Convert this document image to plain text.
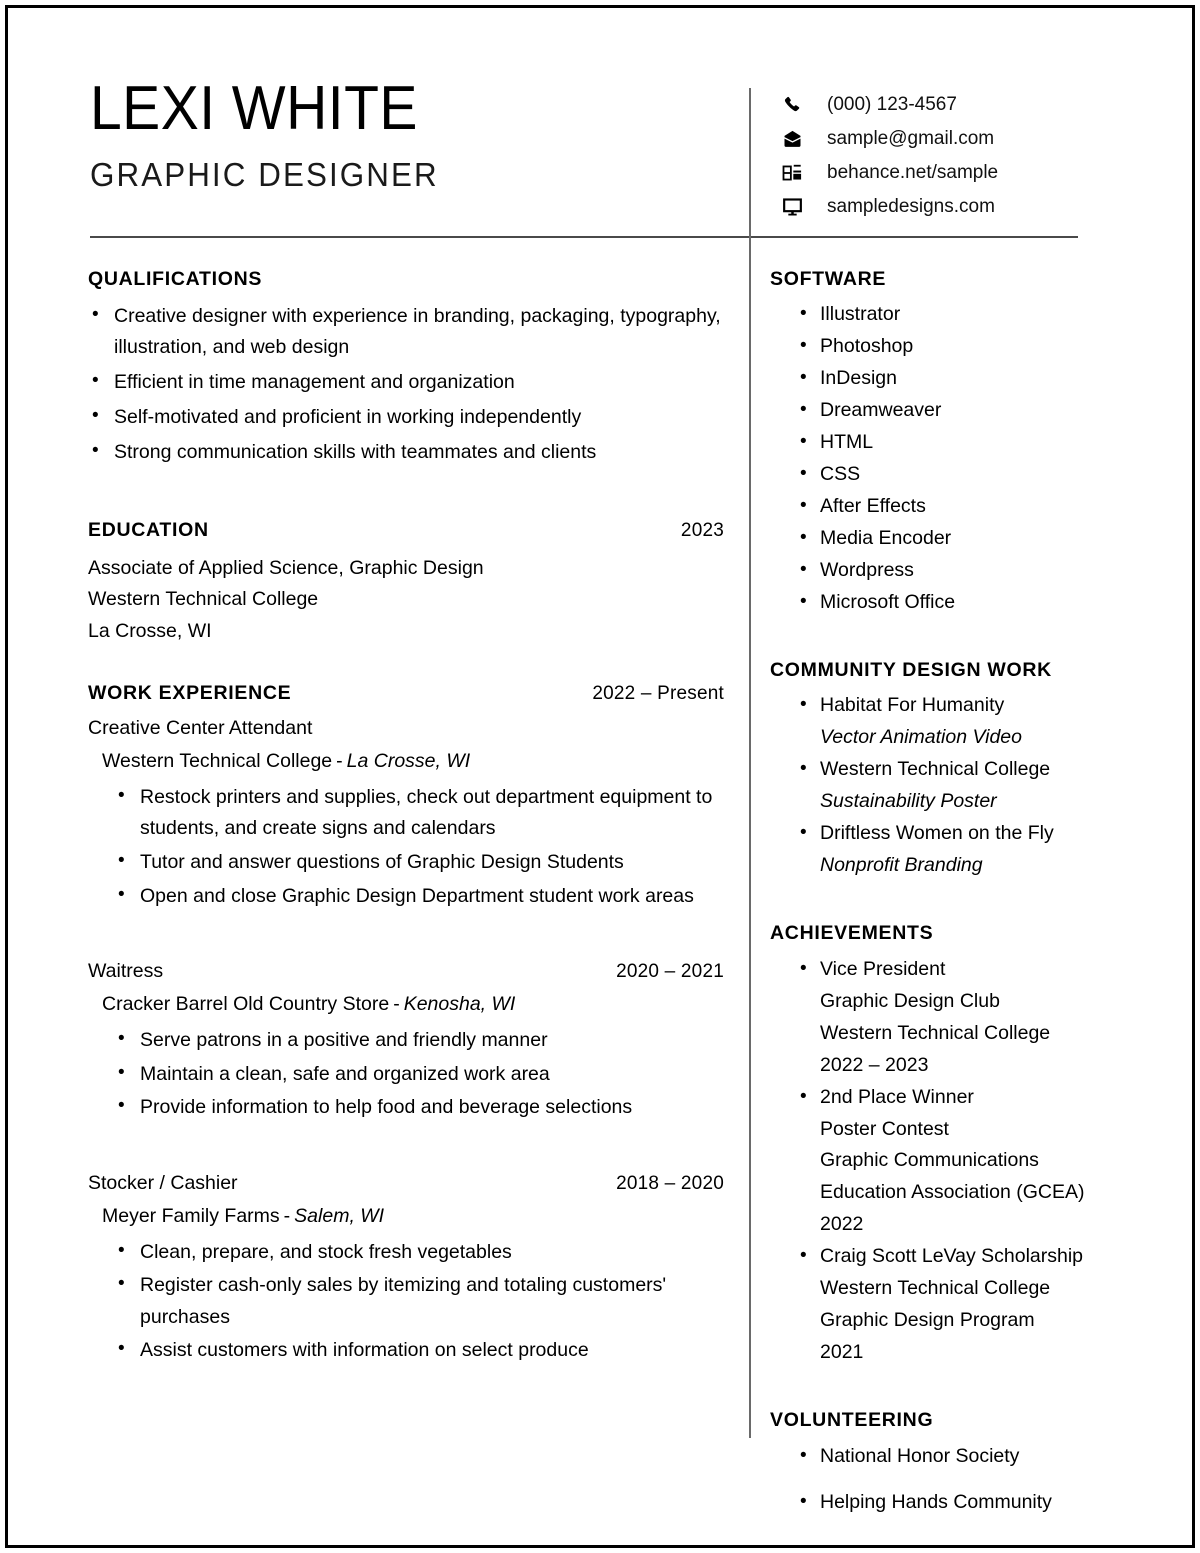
LEXI WHITE
GRAPHIC DESIGNER
(000) 123-4567
sample@gmail.com
behance.net/sample
sampledesigns.com
QUALIFICATIONS
• Creative designer with experience in branding, packaging, typography, illustration, and web design
• Efficient in time management and organization
• Self-motivated and proficient in working independently
• Strong communication skills with teammates and clients
EDUCATION	2023
Associate of Applied Science, Graphic Design
Western Technical College
La Crosse, WI
WORK EXPERIENCE	2022 – Present
Creative Center Attendant
Western Technical College - La Crosse, WI
• Restock printers and supplies, check out department equipment to students, and create signs and calendars
• Tutor and answer questions of Graphic Design Students
• Open and close Graphic Design Department student work areas
Waitress	2020 – 2021
Cracker Barrel Old Country Store - Kenosha, WI
• Serve patrons in a positive and friendly manner
• Maintain a clean, safe and organized work area
• Provide information to help food and beverage selections
Stocker / Cashier	2018 – 2020
Meyer Family Farms - Salem, WI
• Clean, prepare, and stock fresh vegetables
• Register cash-only sales by itemizing and totaling customers' purchases
• Assist customers with information on select produce
SOFTWARE
• Illustrator
• Photoshop
• InDesign
• Dreamweaver
• HTML
• CSS
• After Effects
• Media Encoder
• Wordpress
• Microsoft Office
COMMUNITY DESIGN WORK
• Habitat For Humanity
Vector Animation Video
• Western Technical College
Sustainability Poster
• Driftless Women on the Fly
Nonprofit Branding
ACHIEVEMENTS
• Vice President
Graphic Design Club
Western Technical College
2022 – 2023
• 2nd Place Winner
Poster Contest
Graphic Communications
Education Association (GCEA)
2022
• Craig Scott LeVay Scholarship
Western Technical College
Graphic Design Program
2021
VOLUNTEERING
• National Honor Society
• Helping Hands Community
